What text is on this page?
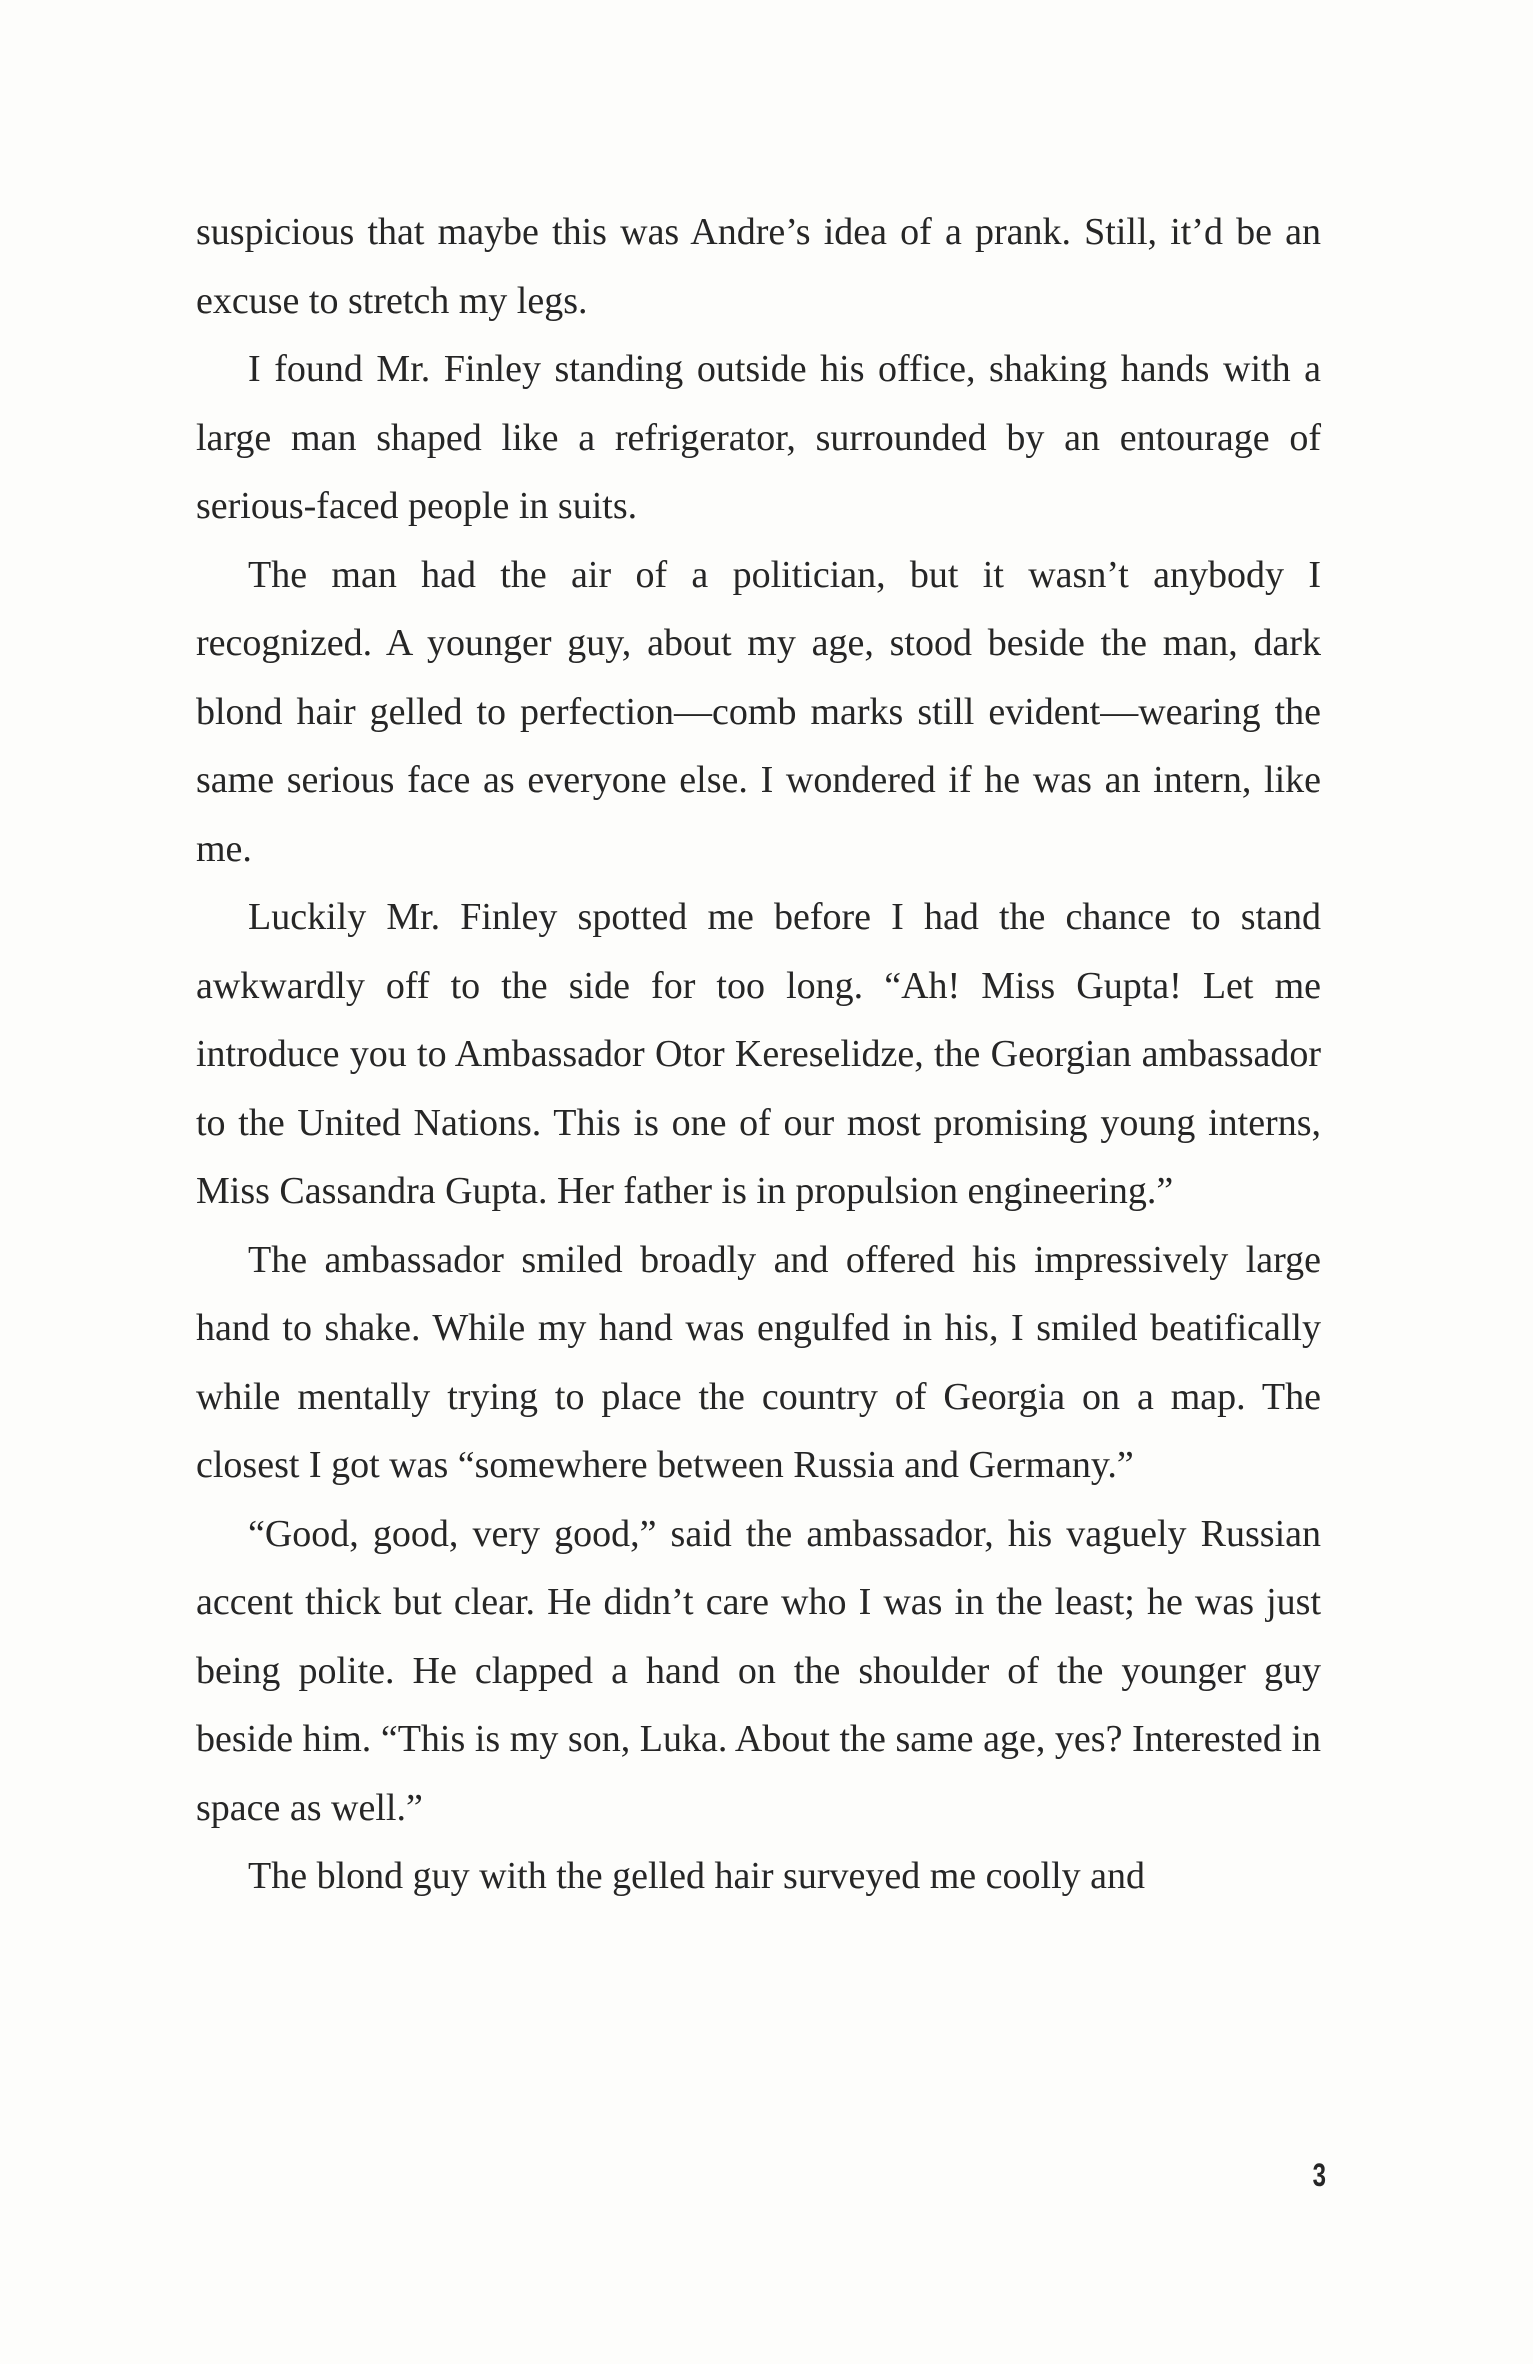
suspicious that maybe this was Andre’s idea of a prank. Still, it’d be an excuse to stretch my legs.

I found Mr. Finley standing outside his office, shaking hands with a large man shaped like a refrigerator, surrounded by an entourage of serious-faced people in suits.

The man had the air of a politician, but it wasn’t anybody I recognized. A younger guy, about my age, stood beside the man, dark blond hair gelled to perfection—comb marks still evident—wearing the same serious face as everyone else. I wondered if he was an intern, like me.

Luckily Mr. Finley spotted me before I had the chance to stand awkwardly off to the side for too long. “Ah! Miss Gupta! Let me introduce you to Ambassador Otor Kereselidze, the Georgian ambassador to the United Nations. This is one of our most promising young interns, Miss Cassandra Gupta. Her father is in propulsion engineering.”

The ambassador smiled broadly and offered his impressively large hand to shake. While my hand was engulfed in his, I smiled beatifically while mentally trying to place the country of Georgia on a map. The closest I got was “somewhere between Russia and Germany.”

“Good, good, very good,” said the ambassador, his vaguely Russian accent thick but clear. He didn’t care who I was in the least; he was just being polite. He clapped a hand on the shoulder of the younger guy beside him. “This is my son, Luka. About the same age, yes? Interested in space as well.”

The blond guy with the gelled hair surveyed me coolly and

3
